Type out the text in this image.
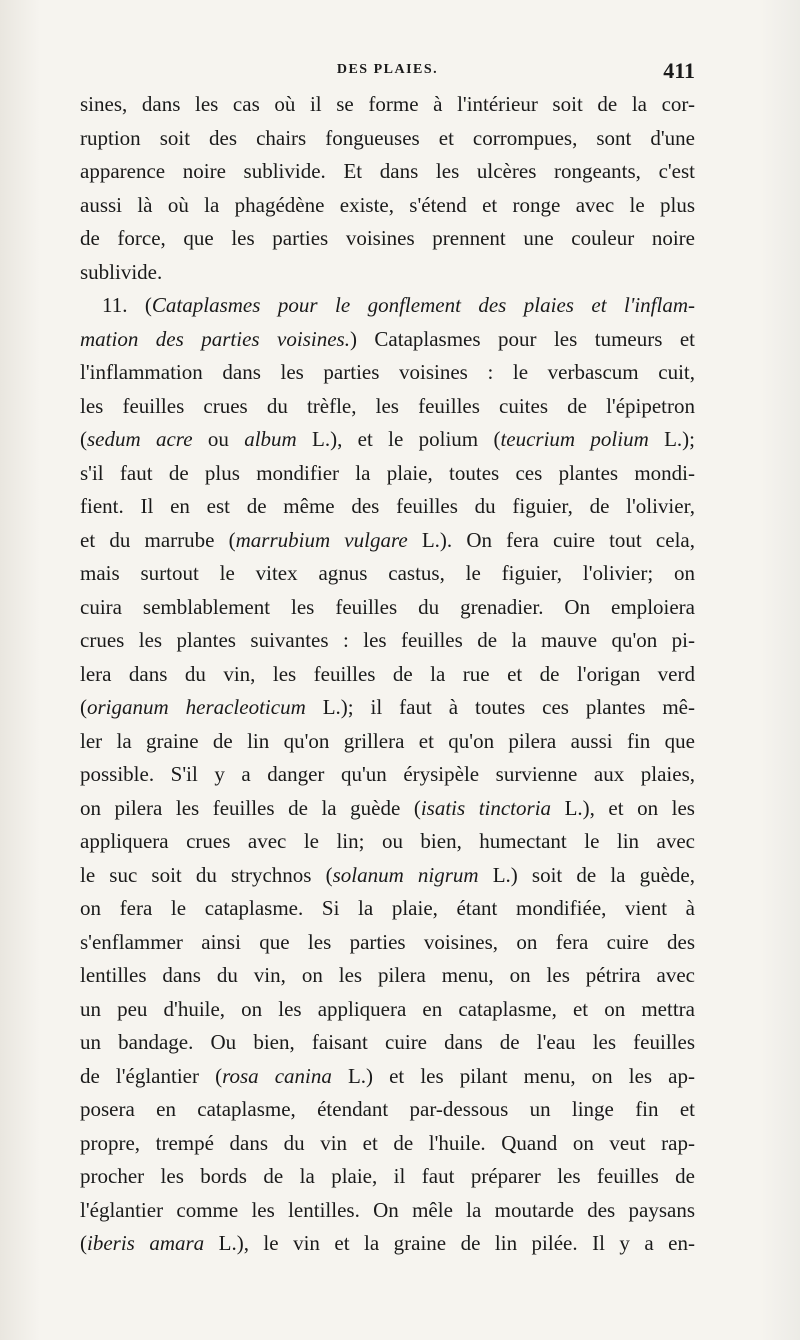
DES PLAIES.	411
sines, dans les cas où il se forme à l'intérieur soit de la cor-
ruption soit des chairs fongueuses et corrompues, sont d'une
apparence noire sublivide. Et dans les ulcères rongeants, c'est
aussi là où la phagédène existe, s'étend et ronge avec le plus
de force, que les parties voisines prennent une couleur noire
sublivide.
11. (Cataplasmes pour le gonflement des plaies et l'inflam-
mation des parties voisines.) Cataplasmes pour les tumeurs et
l'inflammation dans les parties voisines : le verbascum cuit,
les feuilles crues du trèfle, les feuilles cuites de l'épipetron
(sedum acre ou album L.), et le polium (teucrium polium L.);
s'il faut de plus mondifier la plaie, toutes ces plantes mondi-
fient. Il en est de même des feuilles du figuier, de l'olivier,
et du marrube (marrubium vulgare L.). On fera cuire tout cela,
mais surtout le vitex agnus castus, le figuier, l'olivier; on
cuira semblablement les feuilles du grenadier. On emploiera
crues les plantes suivantes : les feuilles de la mauve qu'on pi-
lera dans du vin, les feuilles de la rue et de l'origan verd
(origanum heracleoticum L.); il faut à toutes ces plantes mê-
ler la graine de lin qu'on grillera et qu'on pilera aussi fin que
possible. S'il y a danger qu'un érysipèle survienne aux plaies,
on pilera les feuilles de la guède (isatis tinctoria L.), et on les
appliquera crues avec le lin; ou bien, humectant le lin avec
le suc soit du strychnos (solanum nigrum L.) soit de la guède,
on fera le cataplasme. Si la plaie, étant mondifiée, vient à
s'enflammer ainsi que les parties voisines, on fera cuire des
lentilles dans du vin, on les pilera menu, on les pétrira avec
un peu d'huile, on les appliquera en cataplasme, et on mettra
un bandage. Ou bien, faisant cuire dans de l'eau les feuilles
de l'églantier (rosa canina L.) et les pilant menu, on les ap-
posera en cataplasme, étendant par-dessous un linge fin et
propre, trempé dans du vin et de l'huile. Quand on veut rap-
procher les bords de la plaie, il faut préparer les feuilles de
l'églantier comme les lentilles. On mêle la moutarde des paysans
(iberis amara L.), le vin et la graine de lin pilée. Il y a en-
